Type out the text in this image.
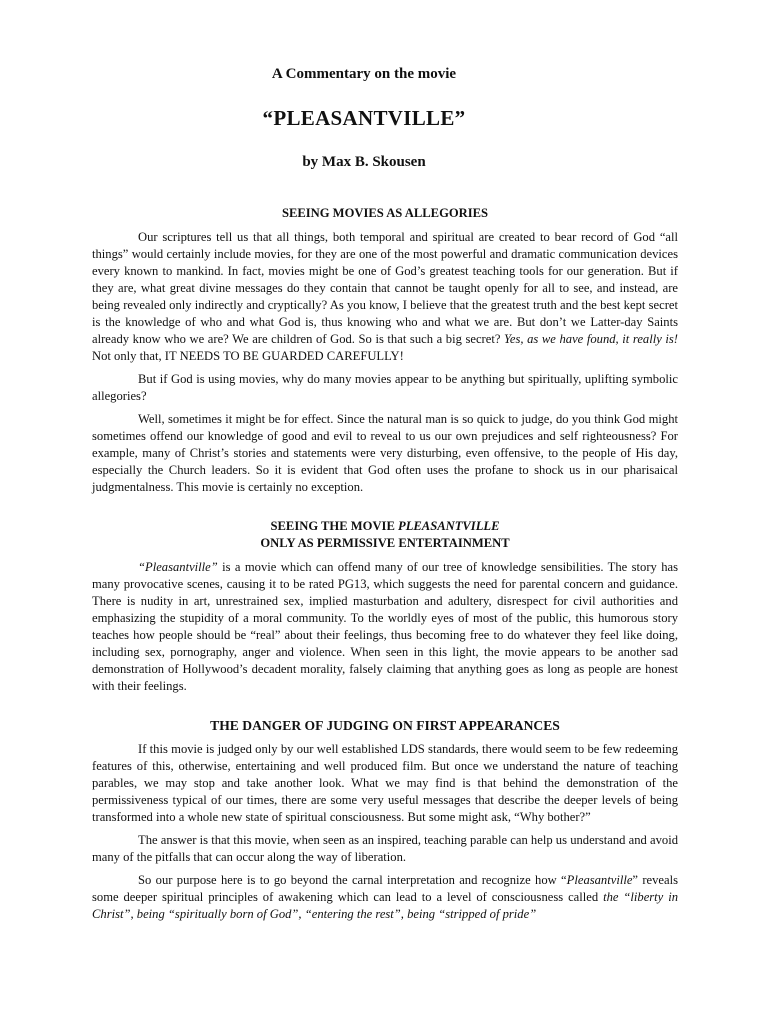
A Commentary on the movie
“PLEASANTVILLE”
by Max B. Skousen
SEEING MOVIES AS ALLEGORIES

Our scriptures tell us that all things, both temporal and spiritual are created to bear record of God “all things” would certainly include movies, for they are one of the most powerful and dramatic communication devices every known to mankind. In fact, movies might be one of God’s greatest teaching tools for our generation. But if they are, what great divine messages do they contain that cannot be taught openly for all to see, and instead, are being revealed only indirectly and cryptically? As you know, I believe that the greatest truth and the best kept secret is the knowledge of who and what God is, thus knowing who and what we are. But don’t we Latter-day Saints already know who we are? We are children of God. So is that such a big secret? Yes, as we have found, it really is! Not only that, IT NEEDS TO BE GUARDED CAREFULLY!

But if God is using movies, why do many movies appear to be anything but spiritually, uplifting symbolic allegories?

Well, sometimes it might be for effect. Since the natural man is so quick to judge, do you think God might sometimes offend our knowledge of good and evil to reveal to us our own prejudices and self righteousness? For example, many of Christ’s stories and statements were very disturbing, even offensive, to the people of His day, especially the Church leaders. So it is evident that God often uses the profane to shock us in our pharisaical judgmentalness. This movie is certainly no exception.

SEEING THE MOVIE PLEASANTVILLE
ONLY AS PERMISSIVE ENTERTAINMENT

“Pleasantville” is a movie which can offend many of our tree of knowledge sensibilities. The story has many provocative scenes, causing it to be rated PG13, which suggests the need for parental concern and guidance. There is nudity in art, unrestrained sex, implied masturbation and adultery, disrespect for civil authorities and emphasizing the stupidity of a moral community. To the worldly eyes of most of the public, this humorous story teaches how people should be “real” about their feelings, thus becoming free to do whatever they feel like doing, including sex, pornography, anger and violence. When seen in this light, the movie appears to be another sad demonstration of Hollywood’s decadent morality, falsely claiming that anything goes as long as people are honest with their feelings.

THE DANGER OF JUDGING ON FIRST APPEARANCES

If this movie is judged only by our well established LDS standards, there would seem to be few redeeming features of this, otherwise, entertaining and well produced film. But once we understand the nature of teaching parables, we may stop and take another look. What we may find is that behind the demonstration of the permissiveness typical of our times, there are some very useful messages that describe the deeper levels of being transformed into a whole new state of spiritual consciousness. But some might ask, “Why bother?”

The answer is that this movie, when seen as an inspired, teaching parable can help us understand and avoid many of the pitfalls that can occur along the way of liberation.

So our purpose here is to go beyond the carnal interpretation and recognize how “Pleasantville” reveals some deeper spiritual principles of awakening which can lead to a level of consciousness called the “liberty in Christ”, being “spiritually born of God”, “entering the rest”, being “stripped of pride”
